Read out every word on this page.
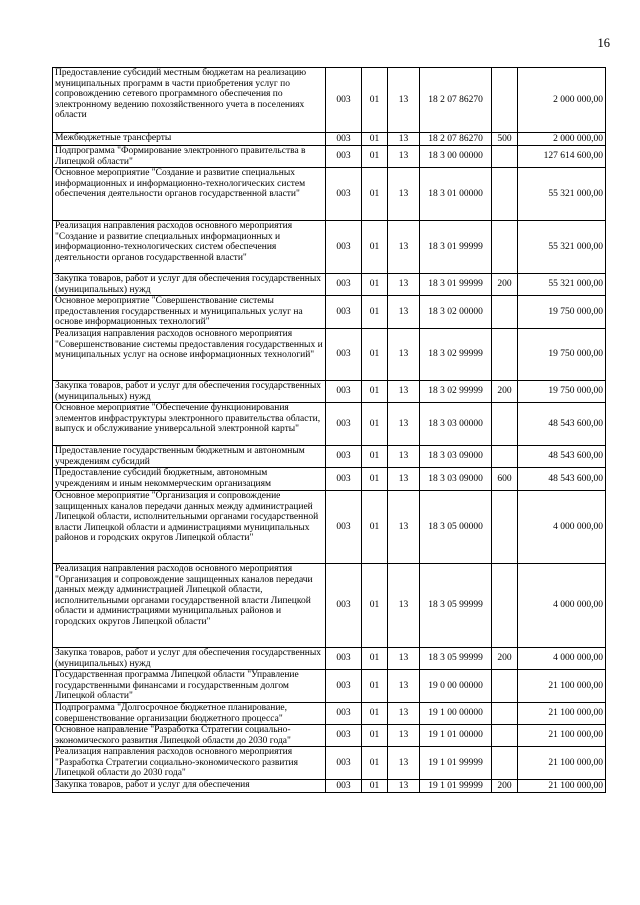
16
Предоставление субсидий местным бюджетам на реализацию муниципальных программ в части приобретения услуг по сопровождению сетевого программного обеспечения по электронному ведению похозяйственного учета в поселениях области	003	01	13	18 2 07 86270		2 000 000,00
Межбюджетные трансферты	003	01	13	18 2 07 86270	500	2 000 000,00
Подпрограмма "Формирование электронного правительства в Липецкой области"	003	01	13	18 3 00 00000		127 614 600,00
Основное мероприятие "Создание и развитие специальных информационных и информационно-технологических систем обеспечения деятельности органов государственной власти"	003	01	13	18 3 01 00000		55 321 000,00
Реализация направления расходов основного мероприятия "Создание и развитие специальных информационных и информационно-технологических систем обеспечения деятельности органов государственной власти"	003	01	13	18 3 01 99999		55 321 000,00
Закупка товаров, работ и услуг для обеспечения государственных (муниципальных) нужд	003	01	13	18 3 01 99999	200	55 321 000,00
Основное мероприятие "Совершенствование системы предоставления государственных и муниципальных услуг на основе информационных технологий"	003	01	13	18 3 02 00000		19 750 000,00
Реализация направления расходов основного мероприятия "Совершенствование системы предоставления государственных и муниципальных услуг на основе информационных технологий"	003	01	13	18 3 02 99999		19 750 000,00
Закупка товаров, работ и услуг для обеспечения государственных (муниципальных) нужд	003	01	13	18 3 02 99999	200	19 750 000,00
Основное мероприятие "Обеспечение функционирования элементов инфраструктуры электронного правительства области, выпуск и обслуживание универсальной электронной карты"	003	01	13	18 3 03 00000		48 543 600,00
Предоставление государственным бюджетным и автономным учреждениям субсидий	003	01	13	18 3 03 09000		48 543 600,00
Предоставление субсидий бюджетным, автономным учреждениям и иным некоммерческим организациям	003	01	13	18 3 03 09000	600	48 543 600,00
Основное мероприятие "Организация и сопровождение защищенных каналов передачи данных между администрацией Липецкой области, исполнительными органами государственной власти Липецкой области и администрациями муниципальных районов и городских округов Липецкой области"	003	01	13	18 3 05 00000		4 000 000,00
Реализация направления расходов основного мероприятия "Организация и сопровождение защищенных каналов передачи данных между администрацией Липецкой области, исполнительными органами государственной власти Липецкой области и администрациями муниципальных районов и городских округов Липецкой области"	003	01	13	18 3 05 99999		4 000 000,00
Закупка товаров, работ и услуг для обеспечения государственных (муниципальных) нужд	003	01	13	18 3 05 99999	200	4 000 000,00
Государственная программа Липецкой области "Управление государственными финансами и государственным долгом Липецкой области"	003	01	13	19 0 00 00000		21 100 000,00
Подпрограмма "Долгосрочное бюджетное планирование, совершенствование организации бюджетного процесса"	003	01	13	19 1 00 00000		21 100 000,00
Основное направление "Разработка Стратегии социально-экономического развития Липецкой области до 2030 года"	003	01	13	19 1 01 00000		21 100 000,00
Реализация направления расходов основного мероприятия "Разработка Стратегии социально-экономического развития Липецкой области до 2030 года"	003	01	13	19 1 01 99999		21 100 000,00
Закупка товаров, работ и услуг для обеспечения	003	01	13	19 1 01 99999	200	21 100 000,00
